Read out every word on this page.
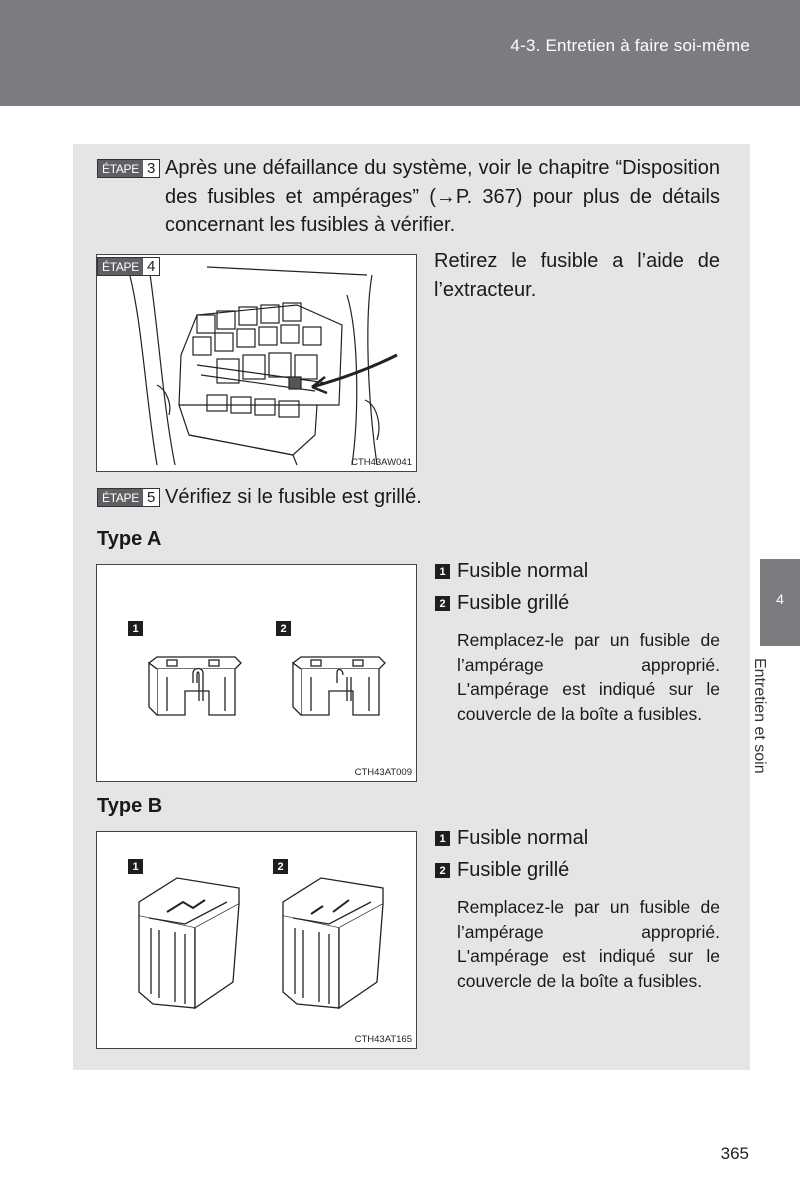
4-3. Entretien à faire soi-même
4
Entretien et soin
ÉTAPE 3 Après une défaillance du système, voir le chapitre “Disposition des fusibles et ampérages” (→P. 367) pour plus de détails concernant les fusibles à vérifier.
CTH43AW041
ÉTAPE 4	Retirez le fusible a l’aide de l’extracteur.
ÉTAPE 5 Vérifiez si le fusible est grillé.
Type A
1	2
CTH43AT009
1 Fusible normal
2 Fusible grillé
Remplacez-le par un fusible de l’ampérage approprié. L'ampérage est indiqué sur le couvercle de la boîte a fusibles.
Type B
1	2
CTH43AT165
1 Fusible normal
2 Fusible grillé
Remplacez-le par un fusible de l’ampérage approprié. L'ampérage est indiqué sur le couvercle de la boîte a fusibles.
365
